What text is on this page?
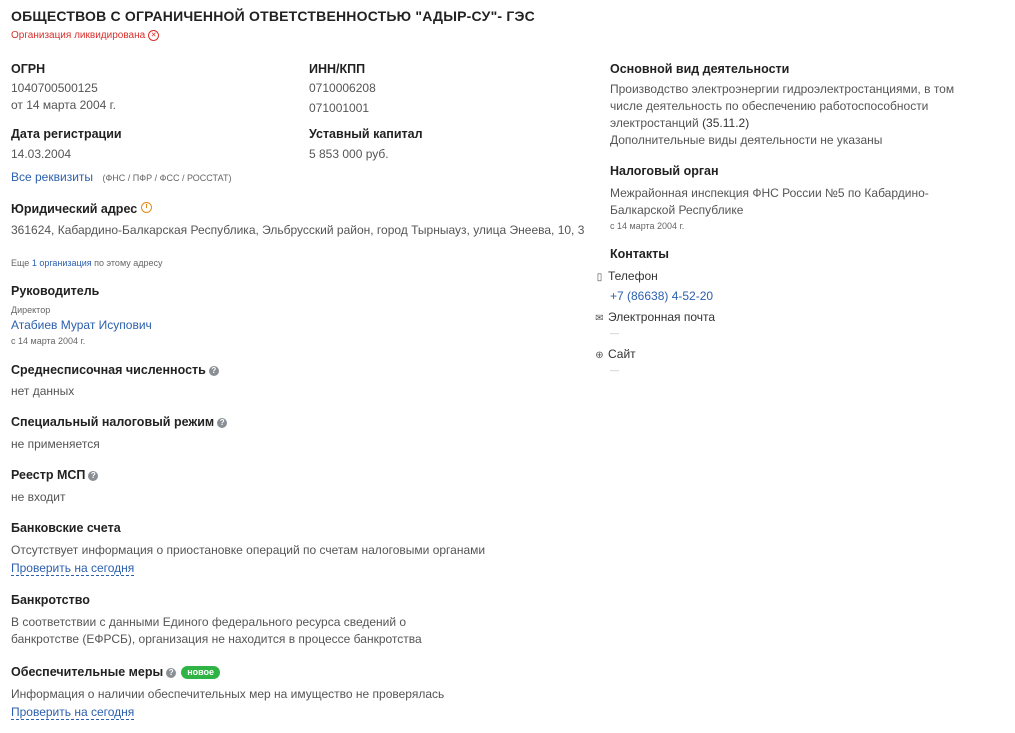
ОБЩЕСТВОВ С ОГРАНИЧЕННОЙ ОТВЕТСТВЕННОСТЬЮ "АДЫР-СУ"- ГЭС
Организация ликвидирована ✕
ОГРН
1040700500125
от 14 марта 2004 г.
Дата регистрации
14.03.2004
Все реквизиты (ФНС / ПФР / ФСС / РОССТАТ)
Юридический адрес
361624, Кабардино-Балкарская Республика, Эльбрусский район, город Тырныауз, улица Энеева, 10, 3
Еще 1 организация по этому адресу
Руководитель
Директор
Атабиев Мурат Исупович
с 14 марта 2004 г.
Среднесписочная численность ?
нет данных
Специальный налоговый режим ?
не применяется
Реестр МСП ?
не входит
Банковские счета
Отсутствует информация о приостановке операций по счетам налоговыми органами
Проверить на сегодня
Банкротство
В соответствии с данными Единого федерального ресурса сведений о банкротстве (ЕФРСБ), организация не находится в процессе банкротства
Обеспечительные меры ? новое
Информация о наличии обеспечительных мер на имущество не проверялась
Проверить на сегодня
ИНН/КПП
0710006208
071001001
Уставный капитал
5 853 000 руб.
Основной вид деятельности
Производство электроэнергии гидроэлектростанциями, в том числе деятельность по обеспечению работоспособности электростанций (35.11.2)
Дополнительные виды деятельности не указаны
Налоговый орган
Межрайонная инспекция ФНС России №5 по Кабардино-Балкарской Республике
с 14 марта 2004 г.
Контакты
▯ Телефон
+7 (86638) 4-52-20
✉ Электронная почта
—
⊕ Сайт
—
